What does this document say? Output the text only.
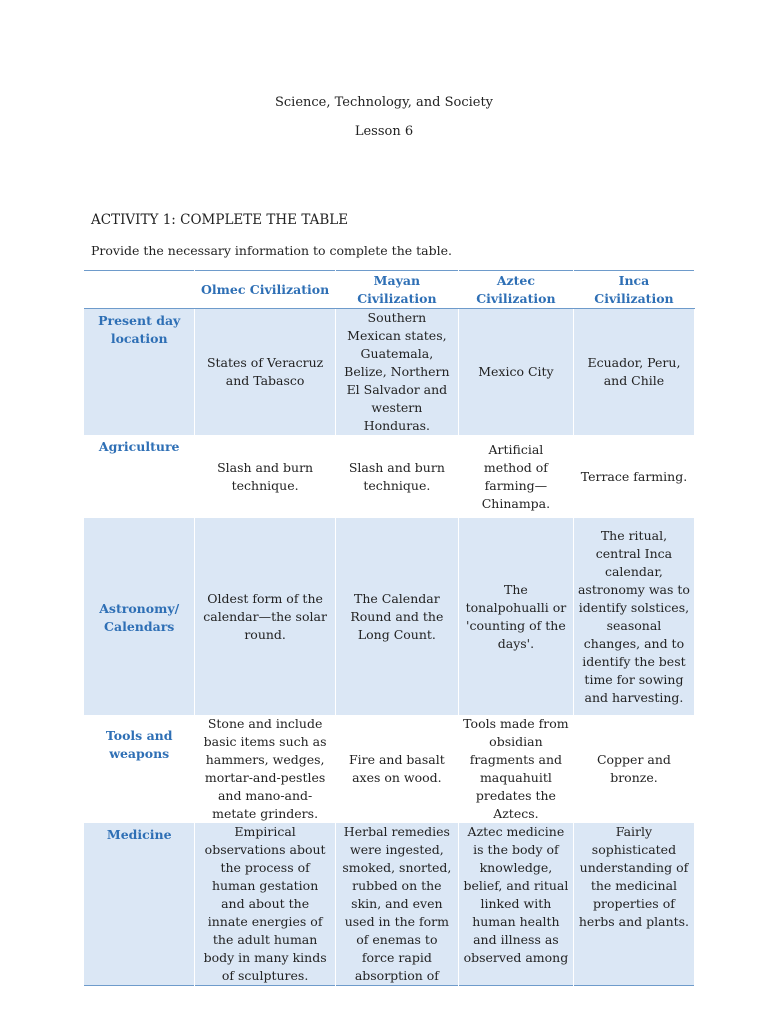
Science, Technology, and Society
Lesson 6
ACTIVITY 1: COMPLETE THE TABLE
Provide the necessary information to complete the table.
	Olmec Civilization	Mayan Civilization	Aztec Civilization	Inca Civilization
Present day location	States of Veracruz and Tabasco	Southern Mexican states, Guatemala, Belize, Northern El Salvador and western Honduras.	Mexico City	Ecuador, Peru, and Chile
Agriculture	Slash and burn technique.	Slash and burn technique.	Artificial method of farming—Chinampa.	Terrace farming.
Astronomy/ Calendars	Oldest form of the calendar—the solar round.	The Calendar Round and the Long Count.	The tonalpohualli or 'counting of the days'.	The ritual, central Inca calendar, astronomy was to identify solstices, seasonal changes, and to identify the best time for sowing and harvesting.
Tools and weapons	Stone and include basic items such as hammers, wedges, mortar-and-pestles and mano-and-metate grinders.	Fire and basalt axes on wood.	Tools made from obsidian fragments and maquahuitl predates the Aztecs.	Copper and bronze.
Medicine	Empirical observations about the process of human gestation and about the innate energies of the adult human body in many kinds of sculptures.	Herbal remedies were ingested, smoked, snorted, rubbed on the skin, and even used in the form of enemas to force rapid absorption of	Aztec medicine is the body of knowledge, belief, and ritual linked with human health and illness as observed among	Fairly sophisticated understanding of the medicinal properties of herbs and plants.
